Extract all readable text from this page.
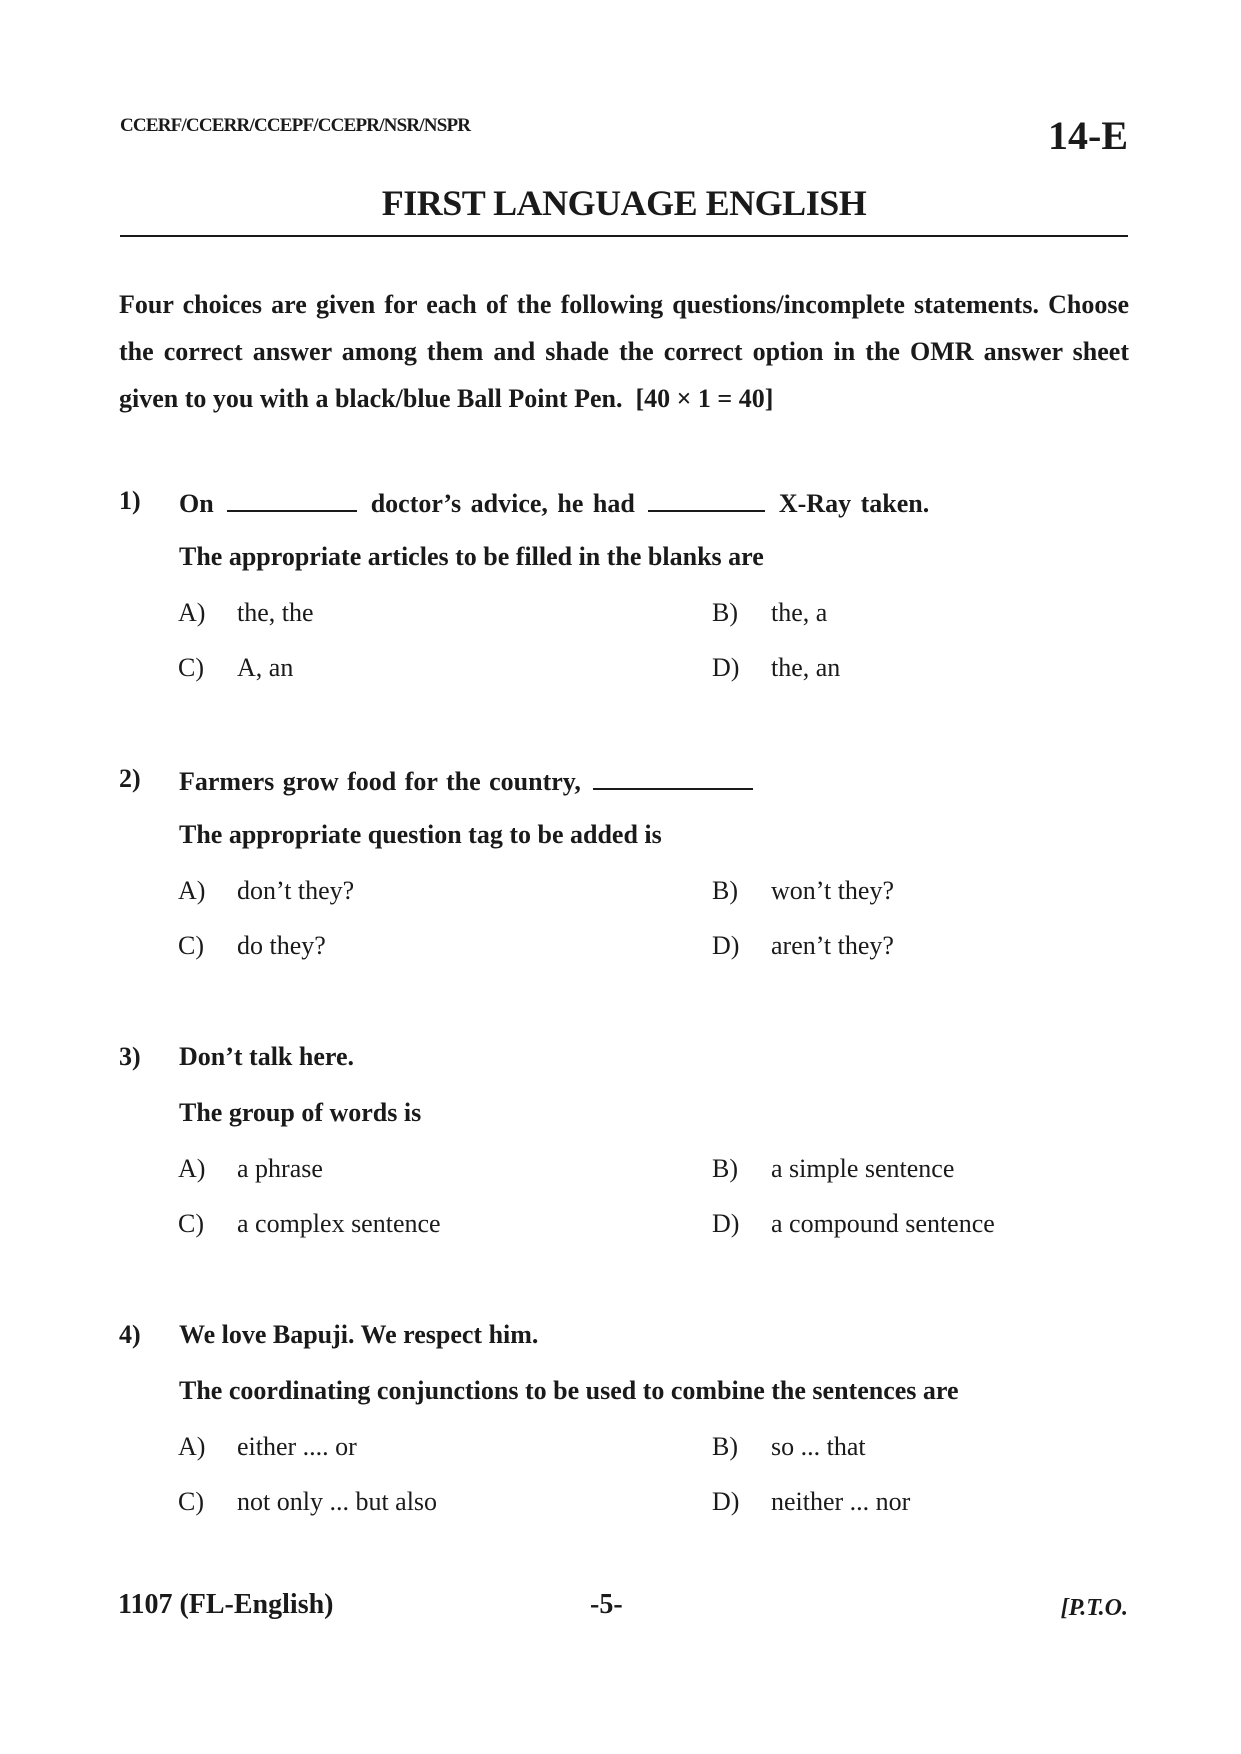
CCERF/CCERR/CCEPF/CCEPR/NSR/NSPR	14-E
FIRST LANGUAGE ENGLISH
Four choices are given for each of the following questions/incomplete statements. Choose the correct answer among them and shade the correct option in the OMR answer sheet given to you with a black/blue Ball Point Pen. [40 × 1 = 40]
1) On	doctor’s advice, he had	X-Ray taken.
The appropriate articles to be filled in the blanks are
A) the, the	B) the, a
C) A, an	D) the, an
2) Farmers grow food for the country,
The appropriate question tag to be added is
A) don’t they?	B) won’t they?
C) do they?	D) aren’t they?
3) Don’t talk here.
The group of words is
A) a phrase	B) a simple sentence
C) a complex sentence	D) a compound sentence
4) We love Bapuji. We respect him.
The coordinating conjunctions to be used to combine the sentences are
A) either .... or	B) so ... that
C) not only ... but also	D) neither ... nor
1107 (FL-English)	-5-	[P.T.O.
